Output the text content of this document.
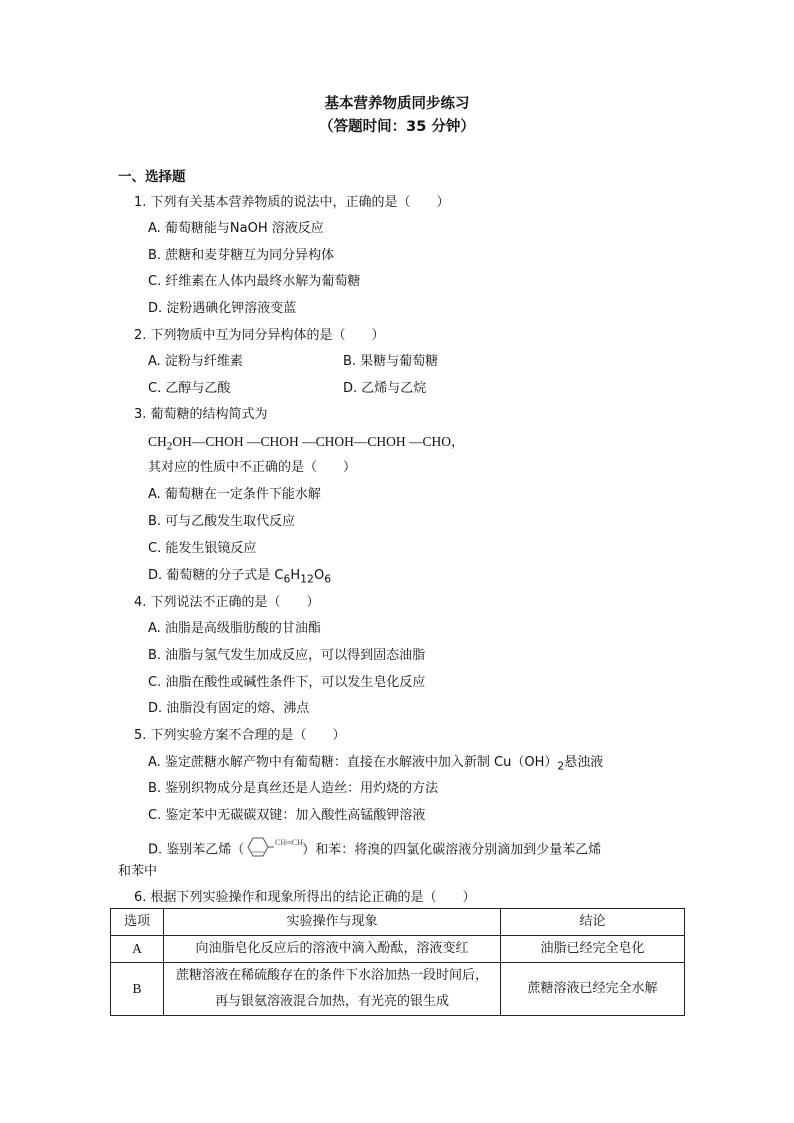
基本营养物质同步练习
（答题时间：35 分钟）
一、选择题
1. 下列有关基本营养物质的说法中，正确的是（　　）
A. 葡萄糖能与NaOH 溶液反应
B. 蔗糖和麦芽糖互为同分异构体
C. 纤维素在人体内最终水解为葡萄糖
D. 淀粉遇碘化钾溶液变蓝
2. 下列物质中互为同分异构体的是（　　）
A. 淀粉与纤维素	B. 果糖与葡萄糖
C. 乙醇与乙酸	D. 乙烯与乙烷
3. 葡萄糖的结构简式为
$CH_2OH—CHOH$ —CHOH —CHOH—CHOH —CHO，
其对应的性质中不正确的是（　　）
A. 葡萄糖在一定条件下能水解
B. 可与乙酸发生取代反应
C. 能发生银镜反应
D. 葡萄糖的分子式是 $C_6H_{12}O_6$
4. 下列说法不正确的是（　　）
A. 油脂是高级脂肪酸的甘油酯
B. 油脂与氢气发生加成反应，可以得到固态油脂
C. 油脂在酸性或碱性条件下，可以发生皂化反应
D. 油脂没有固定的熔、沸点
5. 下列实验方案不合理的是（　　）
A. 鉴定蔗糖水解产物中有葡萄糖：直接在水解液中加入新制 $Cu(OH)_2$悬浊液
B. 鉴别织物成分是真丝还是人造丝：用灼烧的方法
C. 鉴定苯中无碳碳双键：加入酸性高锰酸钾溶液
D. 鉴别苯乙烯（	CH═CH₂
）和苯：将溴的四氯化碳溶液分别滴加到少量苯乙烯
和苯中
6. 根据下列实验操作和现象所得出的结论正确的是（　　）
选项	实验操作与现象	结论
A	向油脂皂化反应后的溶液中滴入酚酞，溶液变红	油脂已经完全皂化
B	蔗糖溶液在稀硫酸存在的条件下水浴加热一段时间后，
再与银氨溶液混合加热，有光亮的银生成	蔗糖溶液已经完全水解
